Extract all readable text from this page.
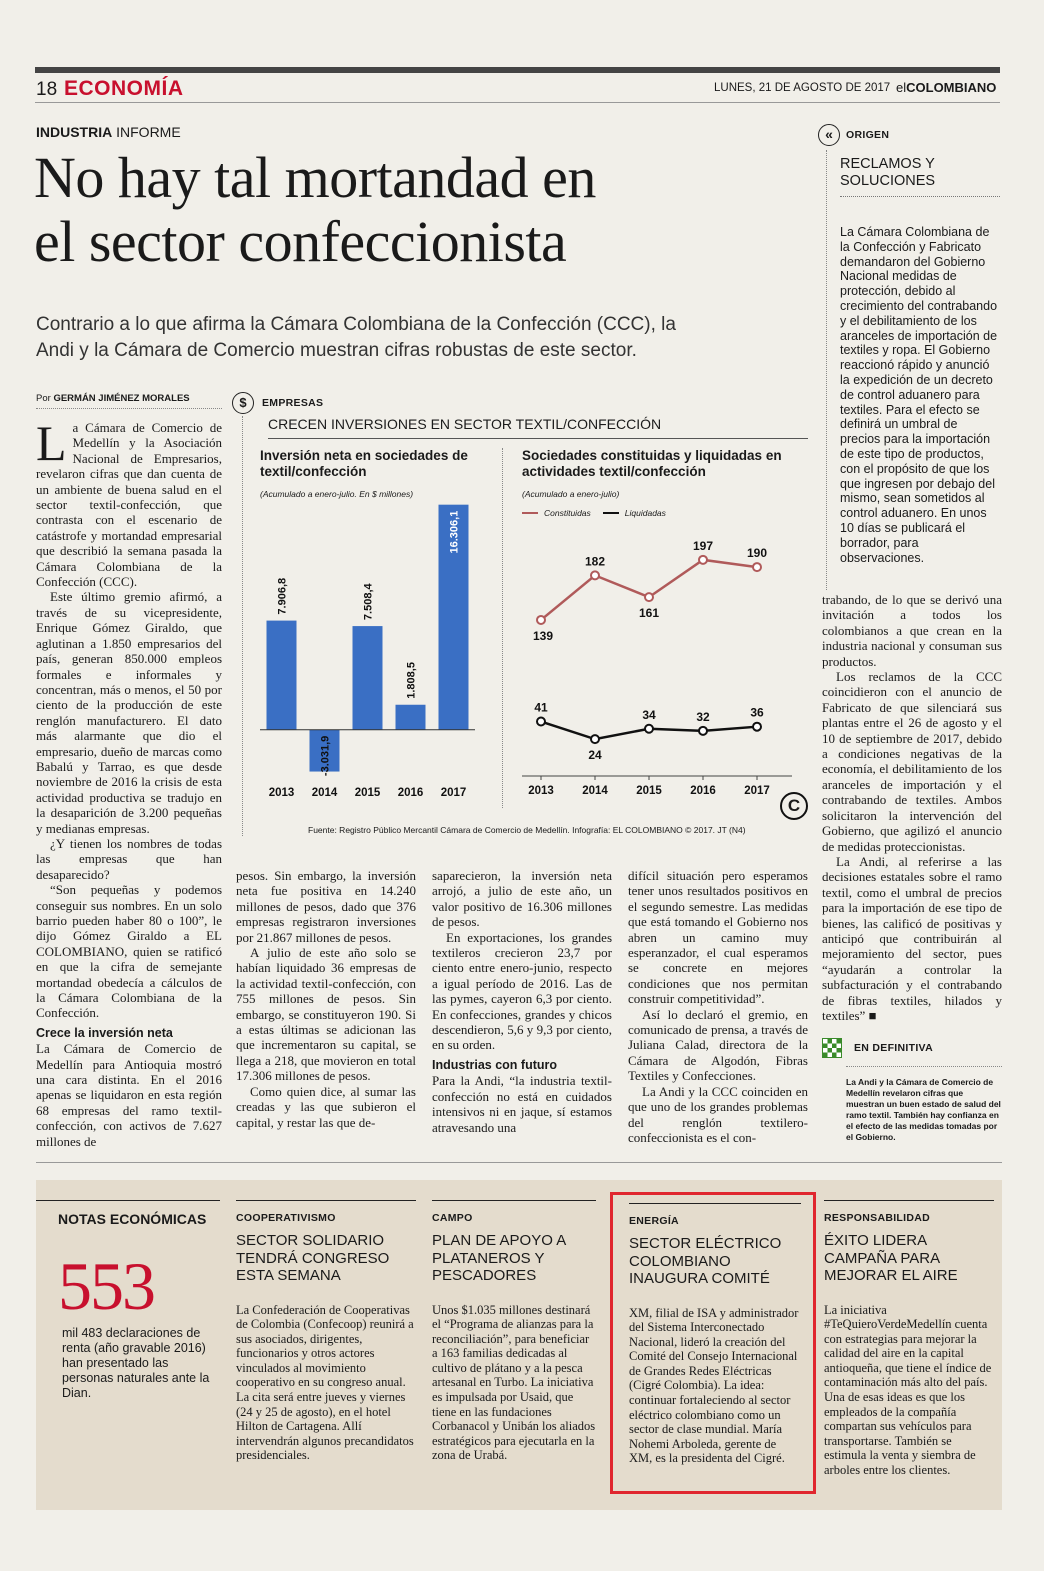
18 ECONOMÍA	LUNES, 21 DE AGOSTO DE 2017 elCOLOMBIANO
INDUSTRIA INFORME
No hay tal mortandad en
el sector confeccionista
Contrario a lo que afirma la Cámara Colombiana de la Confección (CCC), la
Andi y la Cámara de Comercio muestran cifras robustas de este sector.
«	ORIGEN
RECLAMOS Y SOLUCIONES
La Cámara Colombiana de la Confección y Fabricato demandaron del Gobierno Nacional medidas de protección, debido al crecimiento del contrabando y el debilitamiento de los aranceles de importación de textiles y ropa. El Gobierno reaccionó rápido y anunció la expedición de un decreto de control aduanero para textiles. Para el efecto se definirá un umbral de precios para la importación de este tipo de productos, con el propósito de que los que ingresen por debajo del mismo, sean sometidos al control aduanero. En unos 10 días se publicará el borrador, para observaciones.
Por GERMÁN JIMÉNEZ MORALES

La Cámara de Comercio de Medellín y la Asociación Nacional de Empresarios, revelaron cifras que dan cuenta de un ambiente de buena salud en el sector textil-confección, que contrasta con el escenario de catástrofe y mortandad empresarial que describió la semana pasada la Cámara Colombiana de la Confección (CCC).

Este último gremio afirmó, a través de su vicepresidente, Enrique Gómez Giraldo, que aglutinan a 1.850 empresarios del país, generan 850.000 empleos formales e informales y concentran, más o menos, el 50 por ciento de la producción de este renglón manufacturero. El dato más alarmante que dio el empresario, dueño de marcas como Babalú y Tarrao, es que desde noviembre de 2016 la crisis de esta actividad productiva se tradujo en la desaparición de 3.200 pequeñas y medianas empresas.

¿Y tienen los nombres de todas las empresas que han desaparecido?

“Son pequeñas y podemos conseguir sus nombres. En un solo barrio pueden haber 80 o 100”, le dijo Gómez Giraldo a EL COLOMBIANO, quien se ratificó en que la cifra de semejante mortandad obedecía a cálculos de la Cámara Colombiana de la Confección.

Crece la inversión neta

La Cámara de Comercio de Medellín para Antioquia mostró una cara distinta. En el 2016 apenas se liquidaron en esta región 68 empresas del ramo textil-confección, con activos de 7.627 millones de

$	EMPRESAS
CRECEN INVERSIONES EN SECTOR TEXTIL/CONFECCIÓN
Inversión neta en sociedades de textil/confección
(Acumulado a enero-julio. En $ millones)
7.906,8
2013
-3.031,9
2014
7.508,4
2015
1.808,5
2016
16.306,1
2017
Sociedades constituidas y liquidadas en actividades textil/confección
(Acumulado a enero-julio)
Constituidas	Liquidadas
2013 2014 2015 2016 2017
139
182
161
197
190
41
24
34	32	36
C
Fuente: Registro Público Mercantil Cámara de Comercio de Medellín. Infografía: EL COLOMBIANO © 2017. JT (N4)

pesos. Sin embargo, la inversión neta fue positiva en 14.240 millones de pesos, dado que 376 empresas registraron inversiones por 21.867 millones de pesos.

A julio de este año solo se habían liquidado 36 empresas de la actividad textil-confección, con 755 millones de pesos. Sin embargo, se constituyeron 190. Si a estas últimas se adicionan las que incrementaron su capital, se llega a 218, que movieron en total 17.306 millones de pesos.

Como quien dice, al sumar las creadas y las que subieron el capital, y restar las que de-

saparecieron, la inversión neta arrojó, a julio de este año, un valor positivo de 16.306 millones de pesos.

En exportaciones, los grandes textileros crecieron 23,7 por ciento entre enero-junio, respecto a igual período de 2016. Las de las pymes, cayeron 6,3 por ciento. En confecciones, grandes y chicos descendieron, 5,6 y 9,3 por ciento, en su orden.

Industrias con futuro

Para la Andi, “la industria textil-confección no está en cuidados intensivos ni en jaque, sí estamos atravesando una

difícil situación pero esperamos tener unos resultados positivos en el segundo semestre. Las medidas que está tomando el Gobierno nos abren un camino muy esperanzador, el cual esperamos se concrete en mejores condiciones que nos permitan construir competitividad”.

Así lo declaró el gremio, en comunicado de prensa, a través de Juliana Calad, directora de la Cámara de Algodón, Fibras Textiles y Confecciones.

La Andi y la CCC coinciden en que uno de los grandes problemas del renglón textilero-confeccionista es el con-

trabando, de lo que se derivó una invitación a todos los colombianos a que crean en la industria nacional y consuman sus productos.

Los reclamos de la CCC coincidieron con el anuncio de Fabricato de que silenciará sus plantas entre el 26 de agosto y el 10 de septiembre de 2017, debido a condiciones negativas de la economía, el debilitamiento de los aranceles de importación y el contrabando de textiles. Ambos solicitaron la intervención del Gobierno, que agilizó el anuncio de medidas proteccionistas.

La Andi, al referirse a las decisiones estatales sobre el ramo textil, como el umbral de precios para la importación de ese tipo de bienes, las calificó de positivas y anticipó que contribuirán al mejoramiento del sector, pues “ayudarán a controlar la subfacturación y el contrabando de fibras textiles, hilados y textiles” ■

EN DEFINITIVA
La Andi y la Cámara de Comercio de Medellín revelaron cifras que muestran un buen estado de salud del ramo textil. También hay confianza en el efecto de las medidas tomadas por el Gobierno.
NOTAS ECONÓMICAS
553
mil 483 declaraciones de renta (año gravable 2016) han presentado las personas naturales ante la Dian.
COOPERATIVISMO
SECTOR SOLIDARIO TENDRÁ CONGRESO ESTA SEMANA
La Confederación de Cooperativas de Colombia (Confecoop) reunirá a sus asociados, dirigentes, funcionarios y otros actores vinculados al movimiento cooperativo en su congreso anual. La cita será entre jueves y viernes (24 y 25 de agosto), en el hotel Hilton de Cartagena. Allí intervendrán algunos precandidatos presidenciales.
CAMPO
PLAN DE APOYO A PLATANEROS Y PESCADORES
Unos $1.035 millones destinará el “Programa de alianzas para la reconciliación”, para beneficiar a 163 familias dedicadas al cultivo de plátano y a la pesca artesanal en Turbo. La iniciativa es impulsada por Usaid, que tiene en las fundaciones Corbanacol y Unibán los aliados estratégicos para ejecutarla en la zona de Urabá.
ENERGÍA
SECTOR ELÉCTRICO COLOMBIANO INAUGURA COMITÉ
XM, filial de ISA y administrador del Sistema Interconectado Nacional, lideró la creación del Comité del Consejo Internacional de Grandes Redes Eléctricas (Cigré Colombia). La idea: continuar fortaleciendo al sector eléctrico colombiano como un sector de clase mundial. María Nohemi Arboleda, gerente de XM, es la presidenta del Cigré.
RESPONSABILIDAD
ÉXITO LIDERA CAMPAÑA PARA MEJORAR EL AIRE
La iniciativa #TeQuieroVerdeMedellín cuenta con estrategias para mejorar la calidad del aire en la capital antioqueña, que tiene el índice de contaminación más alto del país. Una de esas ideas es que los empleados de la compañía compartan sus vehículos para transportarse. También se estimula la venta y siembra de arboles entre los clientes.
